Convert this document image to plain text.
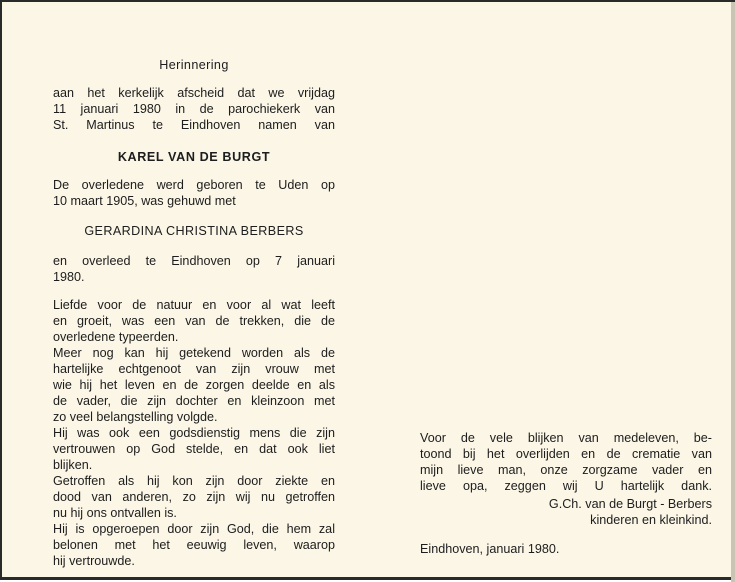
Herinnering
aan het kerkelijk afscheid dat we vrijdag
11 januari 1980 in de parochiekerk van
St. Martinus te Eindhoven namen van
KAREL VAN DE BURGT
De overledene werd geboren te Uden op
10 maart 1905, was gehuwd met
GERARDINA CHRISTINA BERBERS
en overleed te Eindhoven op 7 januari
1980.
Liefde voor de natuur en voor al wat leeft
en groeit, was een van de trekken, die de
overledene typeerden.
Meer nog kan hij getekend worden als de
hartelijke echtgenoot van zijn vrouw met
wie hij het leven en de zorgen deelde en als
de vader, die zijn dochter en kleinzoon met
zo veel belangstelling volgde.
Hij was ook een godsdienstig mens die zijn
vertrouwen op God stelde, en dat ook liet
blijken.
Getroffen als hij kon zijn door ziekte en
dood van anderen, zo zijn wij nu getroffen
nu hij ons ontvallen is.
Hij is opgeroepen door zijn God, die hem zal
belonen met het eeuwig leven, waarop
hij vertrouwde.
Voor de vele blijken van medeleven, be-
toond bij het overlijden en de crematie van
mijn lieve man, onze zorgzame vader en
lieve opa, zeggen wij U hartelijk dank.
G.Ch. van de Burgt - Berbers
kinderen en kleinkind.
Eindhoven, januari 1980.
